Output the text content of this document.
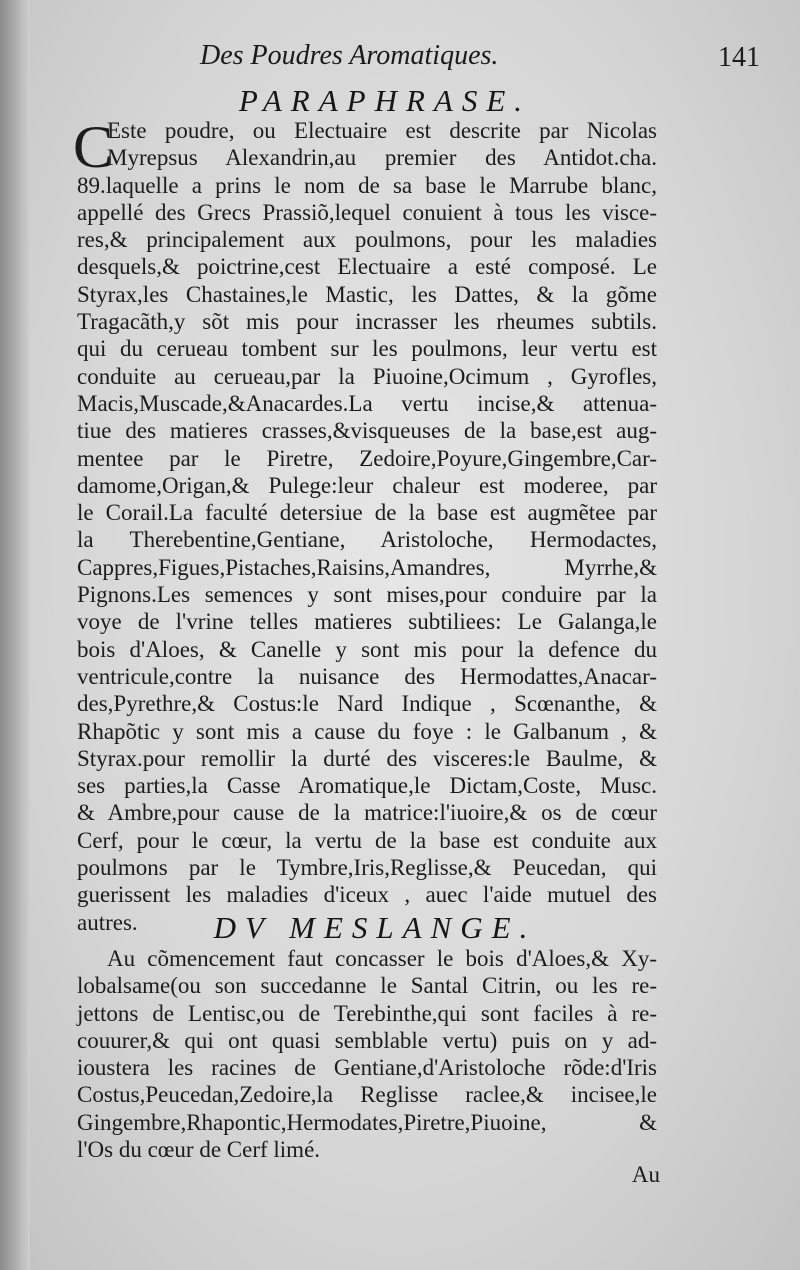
Des Poudres Aromatiques.	141
PARAPHRASE.
C
Este poudre, ou Electuaire est descrite par Nicolas
Myrepsus Alexandrin,au premier des Antidot.cha.
89.laquelle a prins le nom de sa base le Marrube blanc,
appellé des Grecs Prassiõ,lequel conuient à tous les visce-
res,& principalement aux poulmons, pour les maladies
desquels,& poictrine,cest Electuaire a esté composé. Le
Styrax,les Chastaines,le Mastic, les Dattes, & la gõme
Tragacãth,y sõt mis pour incrasser les rheumes subtils.
qui du cerueau tombent sur les poulmons, leur vertu est
conduite au cerueau,par la Piuoine,Ocimum , Gyrofles,
Macis,Muscade,&Anacardes.La vertu incise,& attenua-
tiue des matieres crasses,&visqueuses de la base,est aug-
mentee par le Piretre, Zedoire,Poyure,Gingembre,Car-
damome,Origan,& Pulege:leur chaleur est moderee, par
le Corail.La faculté detersiue de la base est augmẽtee par
la Therebentine,Gentiane, Aristoloche, Hermodactes,
Cappres,Figues,Pistaches,Raisins,Amandres, Myrrhe,&
Pignons.Les semences y sont mises,pour conduire par la
voye de l'vrine telles matieres subtiliees: Le Galanga,le
bois d'Aloes, & Canelle y sont mis pour la defence du
ventricule,contre la nuisance des Hermodattes,Anacar-
des,Pyrethre,& Costus:le Nard Indique , Scœnanthe, &
Rhapõtic y sont mis a cause du foye : le Galbanum , &
Styrax.pour remollir la durté des visceres:le Baulme, &
ses parties,la Casse Aromatique,le Dictam,Coste, Musc.
& Ambre,pour cause de la matrice:l'iuoire,& os de cœur
Cerf, pour le cœur, la vertu de la base est conduite aux
poulmons par le Tymbre,Iris,Reglisse,& Peucedan, qui
guerissent les maladies d'iceux , auec l'aide mutuel des
autres.	DV MESLANGE.
Au cõmencement faut concasser le bois d'Aloes,& Xy-
lobalsame(ou son succedanne le Santal Citrin, ou les re-
jettons de Lentisc,ou de Terebinthe,qui sont faciles à re-
couurer,& qui ont quasi semblable vertu) puis on y ad-
ioustera les racines de Gentiane,d'Aristoloche rõde:d'Iris
Costus,Peucedan,Zedoire,la Reglisse raclee,& incisee,le
Gingembre,Rhapontic,Hermodates,Piretre,Piuoine, &
l'Os du cœur de Cerf limé.
Au
